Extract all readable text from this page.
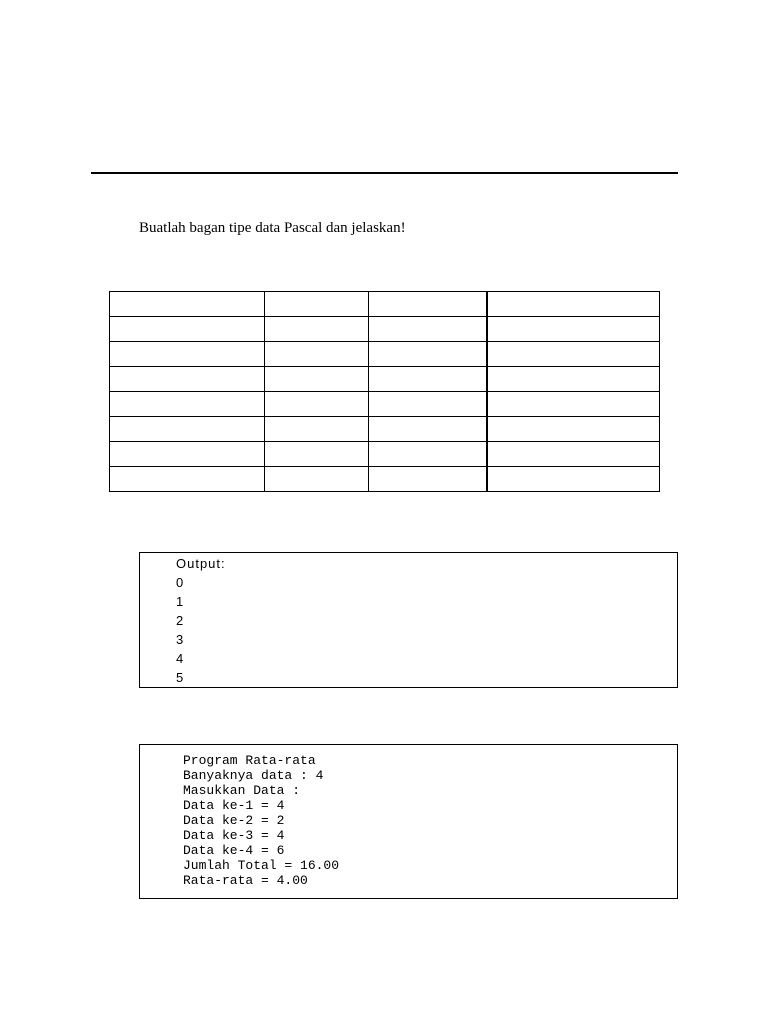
Buatlah bagan tipe data Pascal dan jelaskan!

Output:
0
1
2
3
4
5
Program Rata-rata
Banyaknya data : 4
Masukkan Data :
Data ke-1 = 4
Data ke-2 = 2
Data ke-3 = 4
Data ke-4 = 6
Jumlah Total = 16.00
Rata-rata = 4.00
